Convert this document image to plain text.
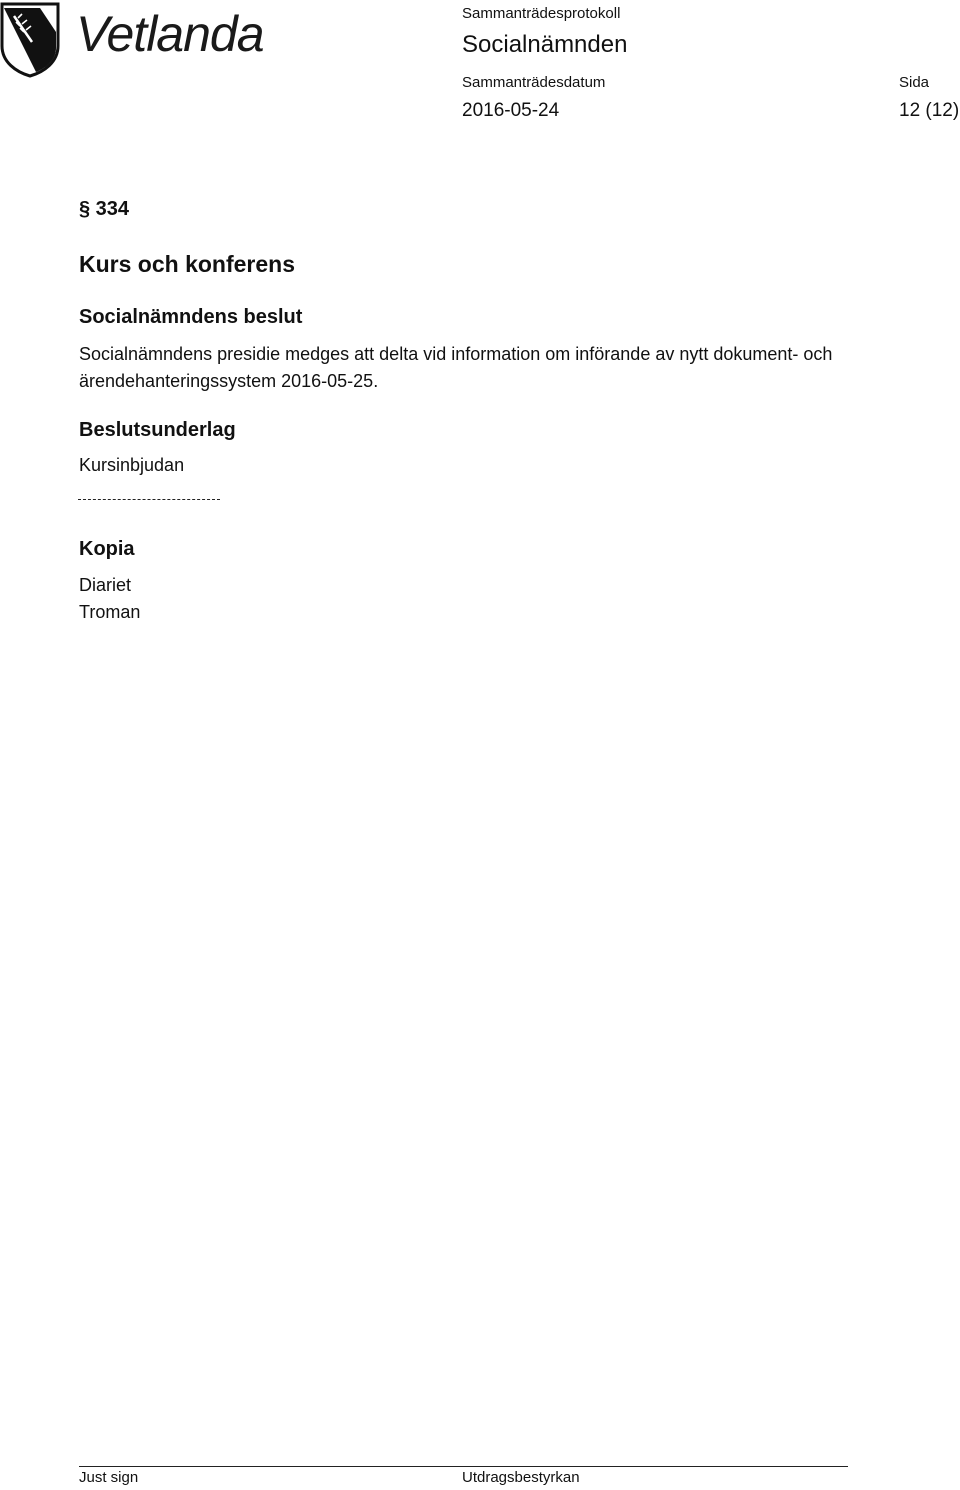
Vetlanda	Sammanträdesprotokoll
Socialnämnden
Sammanträdesdatum
2016-05-24
Sida
12 (12)
§ 334
Kurs och konferens
Socialnämndens beslut
Socialnämndens presidie medges att delta vid information om införande av nytt dokument- och ärendehanteringssystem 2016-05-25.
Beslutsunderlag
Kursinbjudan
Kopia
Diariet
Troman
Just sign	Utdragsbestyrkan
